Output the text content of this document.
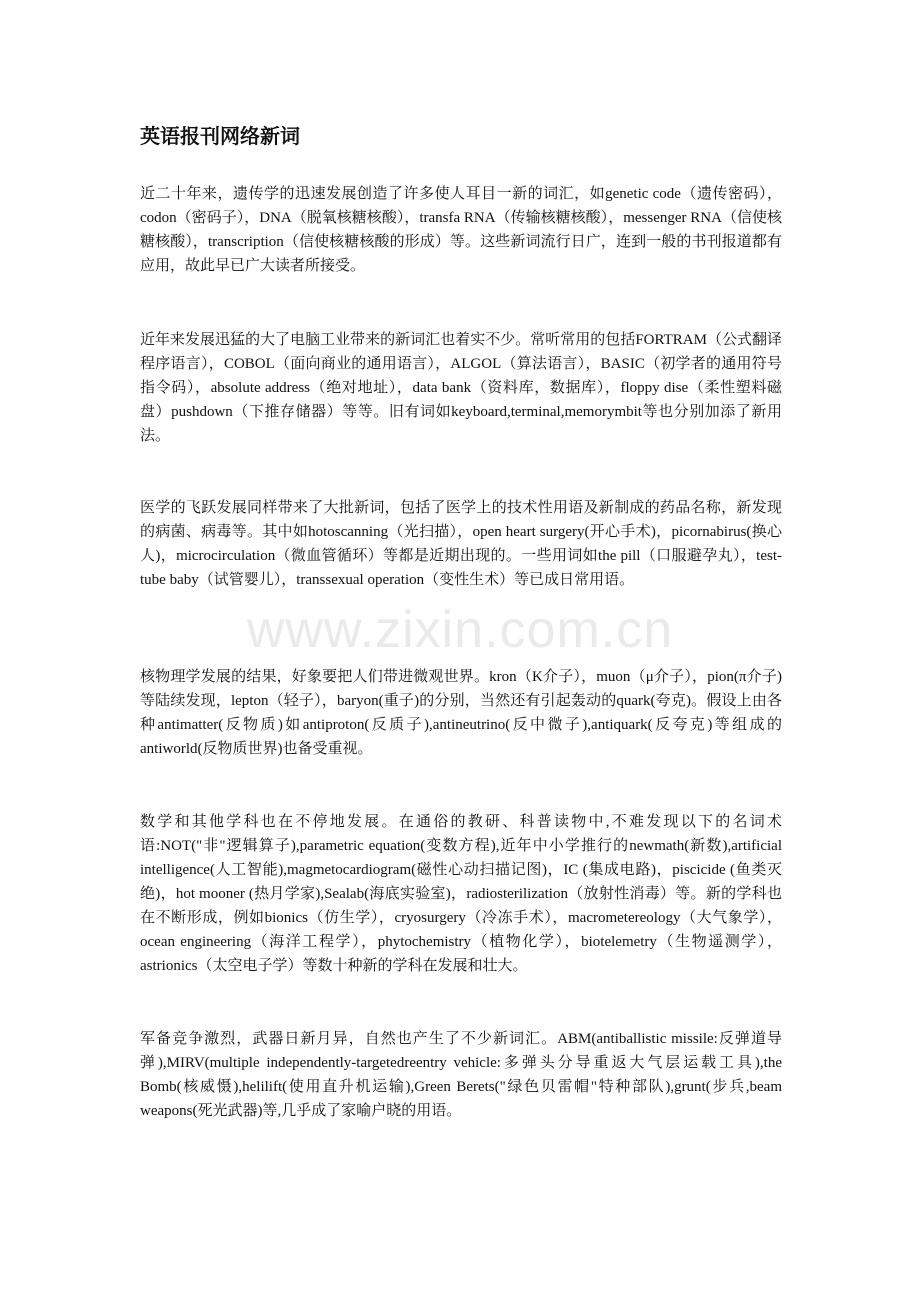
英语报刊网络新词

近二十年来，遗传学的迅速发展创造了许多使人耳目一新的词汇，如genetic code（遗传密码），codon（密码子），DNA（脱氧核糖核酸），transfa RNA（传输核糖核酸），messenger RNA（信使核糖核酸），transcription（信使核糖核酸的形成）等。这些新词流行日广，连到一般的书刊报道都有应用，故此早已广大读者所接受。

近年来发展迅猛的大了电脑工业带来的新词汇也着实不少。常听常用的包括FORTRAM（公式翻译程序语言），COBOL（面向商业的通用语言），ALGOL（算法语言），BASIC（初学者的通用符号指令码），absolute address（绝对地址），data bank（资料库，数据库），floppy dise（柔性塑料磁盘）pushdown（下推存储器）等等。旧有词如keyboard,terminal,memorymbit等也分别加添了新用法。

医学的飞跃发展同样带来了大批新词，包括了医学上的技术性用语及新制成的药品名称，新发现的病菌、病毒等。其中如hotoscanning（光扫描），open heart surgery(开心手术)，picornabirus(换心人)，microcirculation（微血管循环）等都是近期出现的。一些用词如the pill（口服避孕丸），test-tube baby（试管婴儿），transsexual operation（变性生术）等已成日常用语。

核物理学发展的结果，好象要把人们带进微观世界。kron（K介子），muon（μ介子），pion(π介子)等陆续发现，lepton（轻子），baryon(重子)的分别，当然还有引起轰动的quark(夸克)。假设上由各种antimatter(反物质)如antiproton(反质子),antineutrino(反中微子),antiquark(反夸克)等组成的antiworld(反物质世界)也备受重视。

数学和其他学科也在不停地发展。在通俗的教研、科普读物中,不难发现以下的名词术语:NOT("非"逻辑算子),parametric equation(变数方程),近年中小学推行的newmath(新数),artificial intelligence(人工智能),magmetocardiogram(磁性心动扫描记图)，IC (集成电路)，piscicide (鱼类灭绝)，hot mooner (热月学家),Sealab(海底实验室)，radiosterilization（放射性消毒）等。新的学科也在不断形成，例如bionics（仿生学），cryosurgery（冷冻手术），macrometereology（大气象学），ocean engineering（海洋工程学），phytochemistry（植物化学），biotelemetry（生物遥测学），astrionics（太空电子学）等数十种新的学科在发展和壮大。

军备竞争激烈，武器日新月异，自然也产生了不少新词汇。ABM(antiballistic missile:反弹道导弹),MIRV(multiple independently-targetedreentry vehicle:多弹头分导重返大气层运载工具),the Bomb(核威慑),helilift(使用直升机运输),Green Berets("绿色贝雷帽"特种部队),grunt(步兵,beam weapons(死光武器)等,几乎成了家喻户晓的用语。

www.zixin.com.cn
